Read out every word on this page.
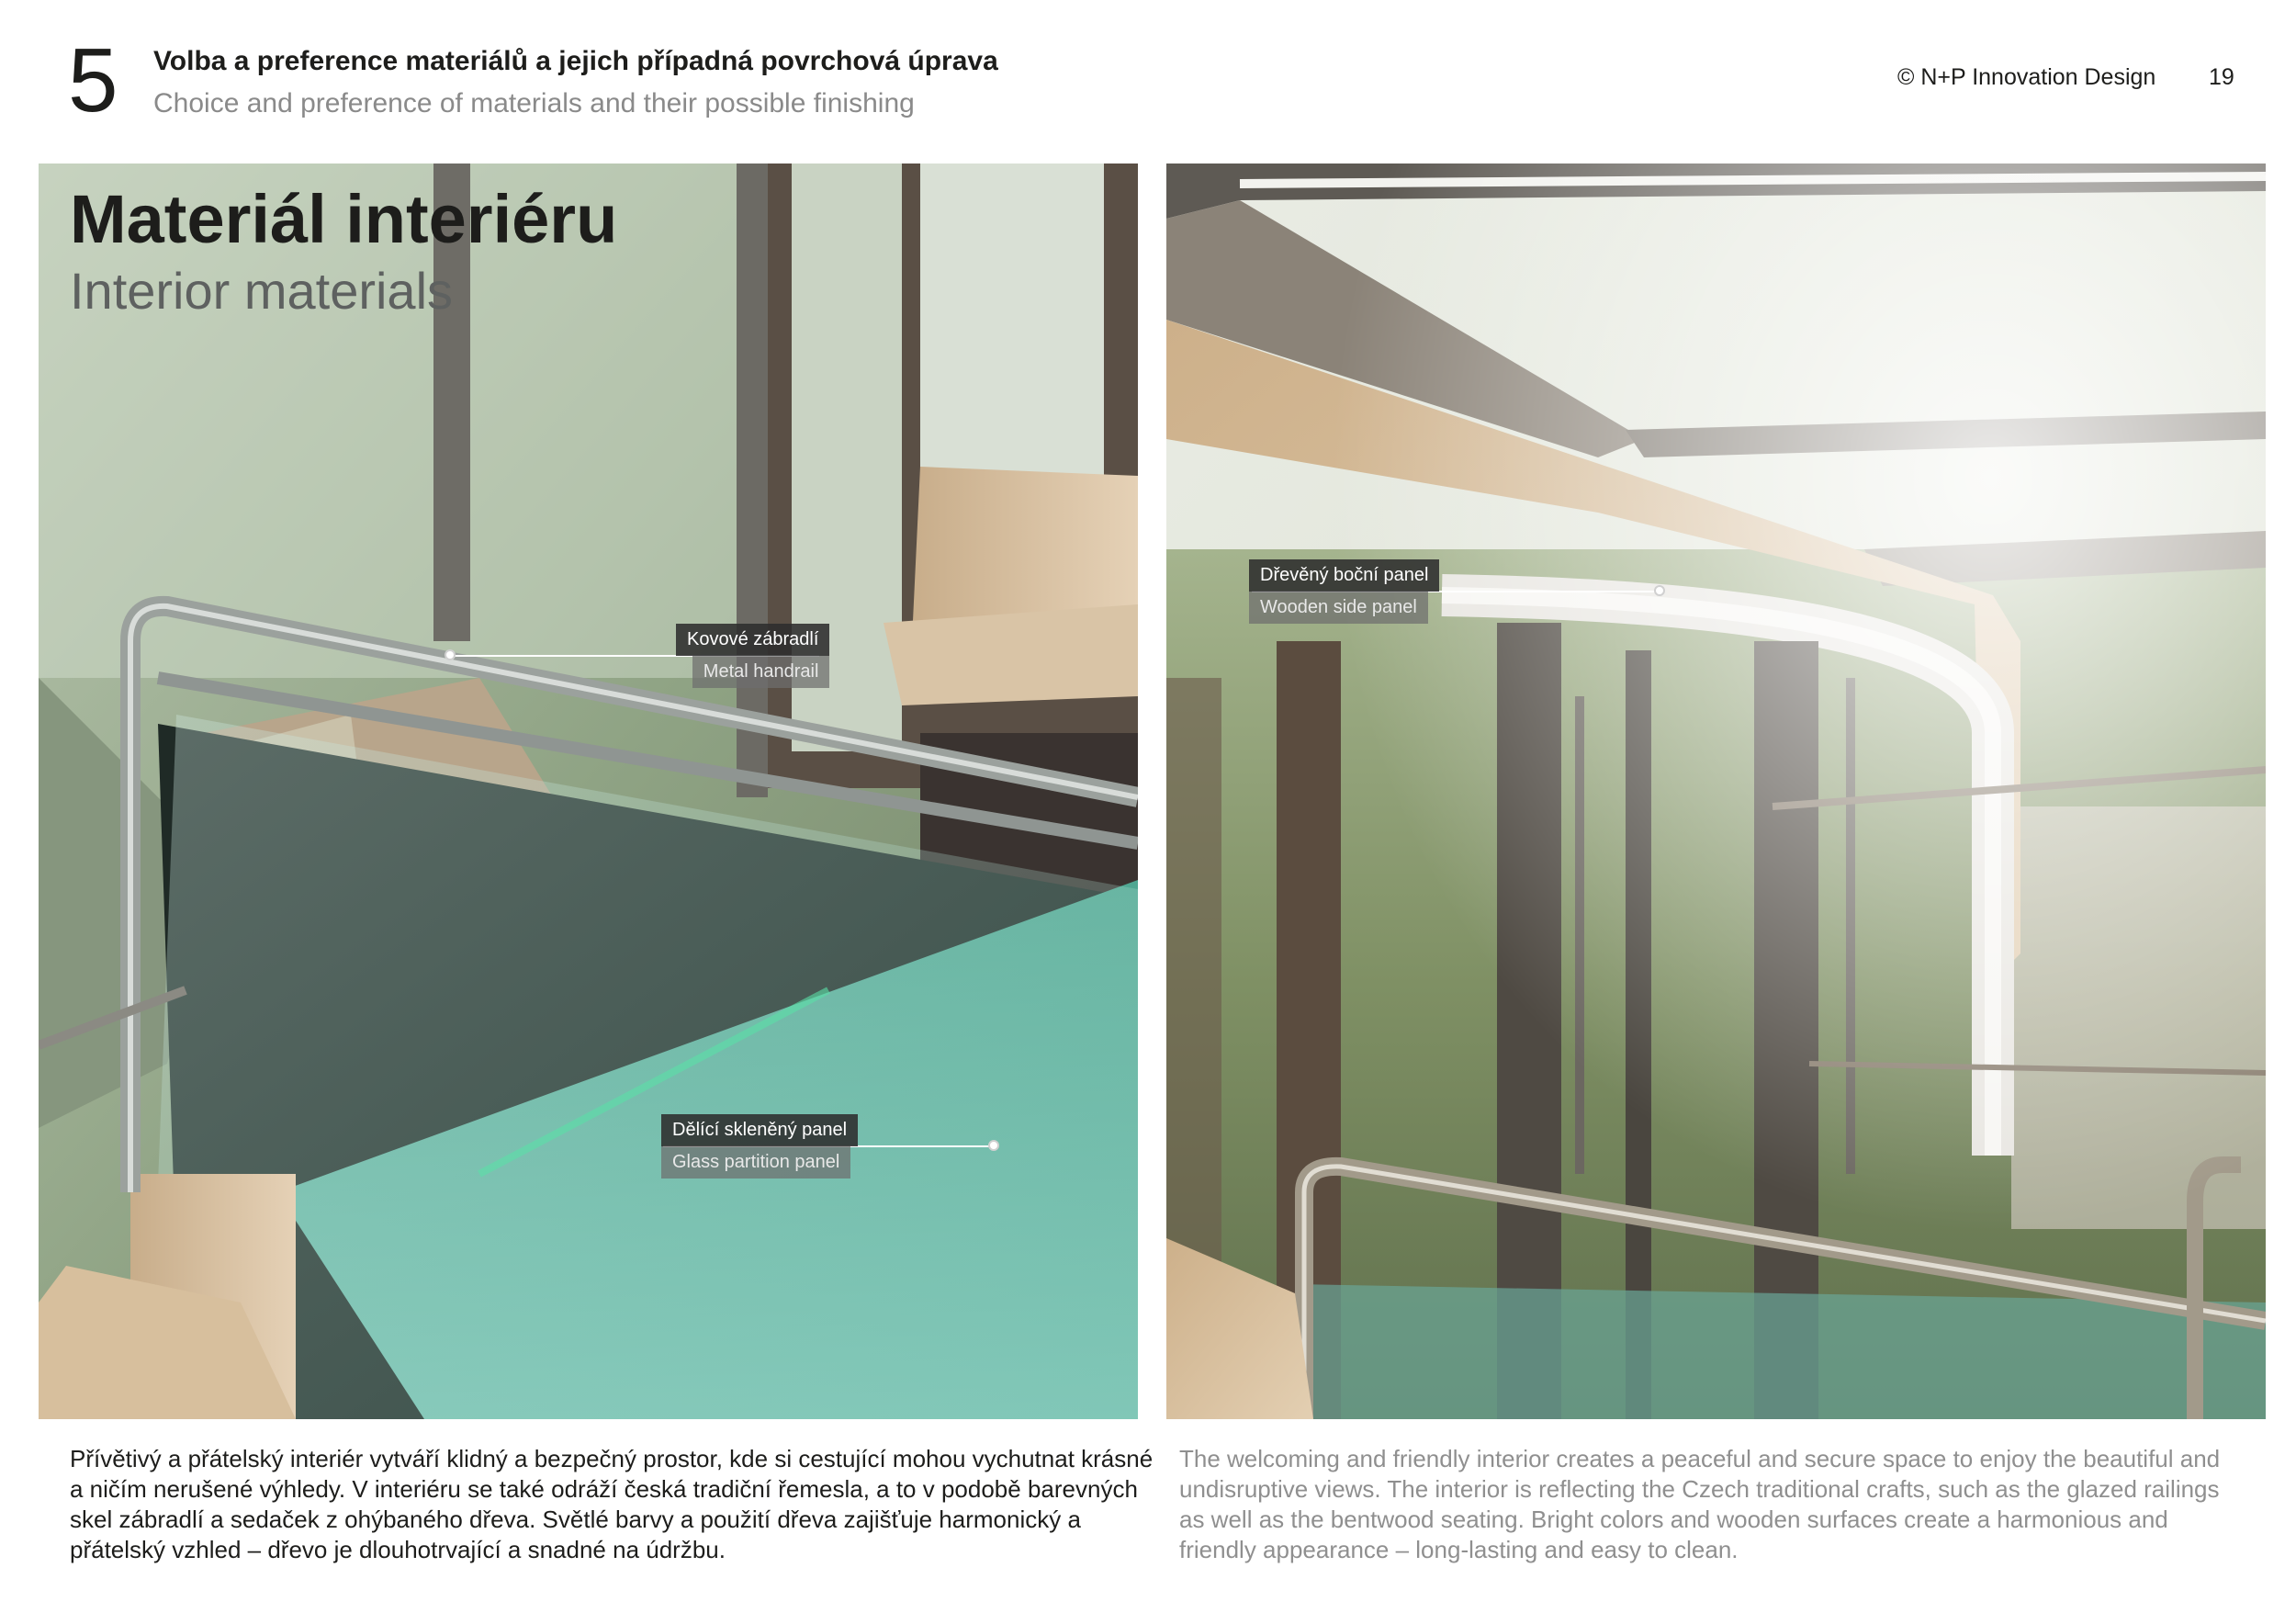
5 Volba a preference materiálů a jejich případná povrchová úprava
Choice and preference of materials and their possible finishing
© N+P Innovation Design 19
Materiál interiéru
Interior materials
Kovové zábradlí
Metal handrail
Dělící skleněný panel
Glass partition panel
Dřevěný boční panel
Wooden side panel

Přívětivý a přátelský interiér vytváří klidný a bezpečný prostor, kde si cestující mohou vychutnat krásné a ničím nerušené výhledy. V interiéru se také odráží česká tradiční řemesla, a to v podobě barevných skel zábradlí a sedaček z ohýbaného dřeva. Světlé barvy a použití dřeva zajišťuje harmonický a přátelský vzhled – dřevo je dlouhotrvající a snadné na údržbu.

The welcoming and friendly interior creates a peaceful and secure space to enjoy the beautiful and undisruptive views. The interior is reflecting the Czech traditional crafts, such as the glazed railings as well as the bentwood seating. Bright colors and wooden surfaces create a harmonious and friendly appearance – long-lasting and easy to clean.
